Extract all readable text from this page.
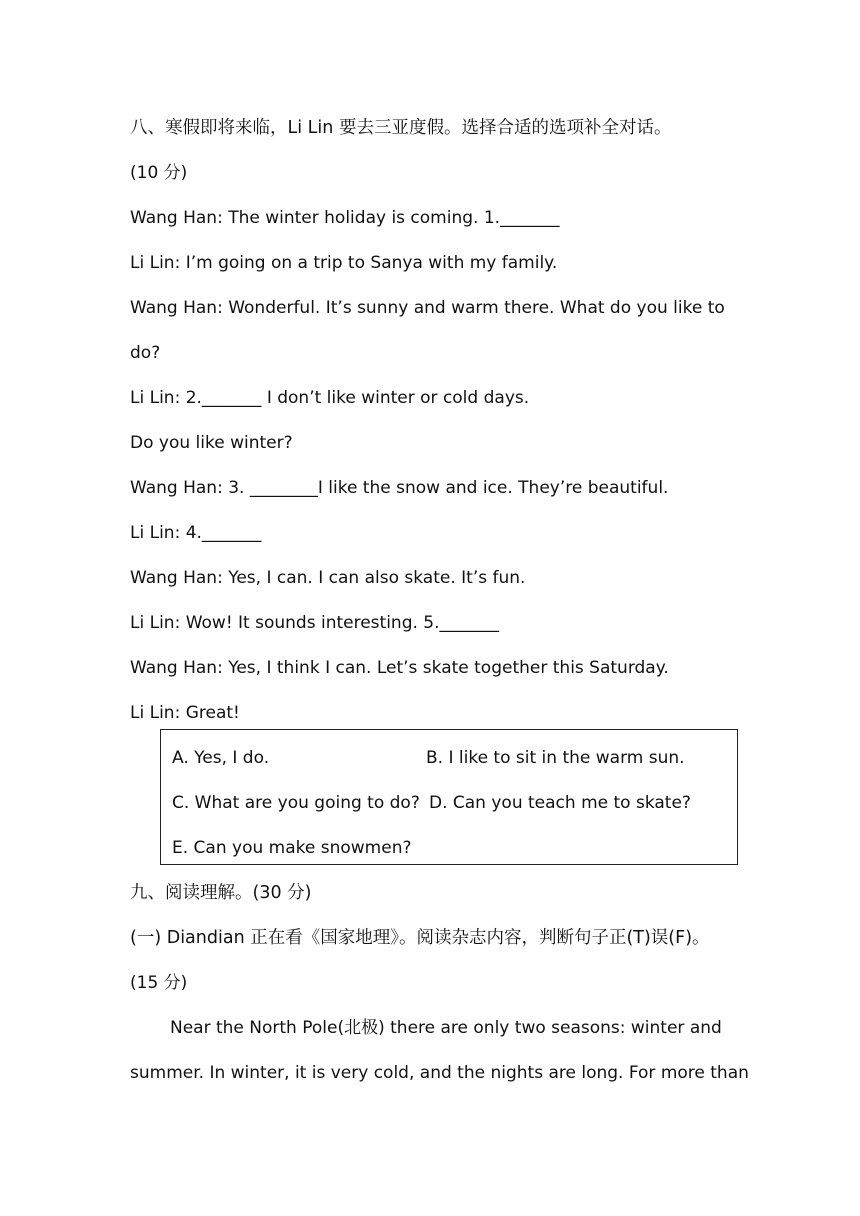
八、寒假即将来临，Li Lin 要去三亚度假。选择合适的选项补全对话。
(10 分)
Wang Han: The winter holiday is coming. 1._______
Li Lin: I’m going on a trip to Sanya with my family.
Wang Han: Wonderful. It’s sunny and warm there. What do you like to
do?
Li Lin: 2._______ I don’t like winter or cold days.
Do you like winter?
Wang Han: 3. ________I like the snow and ice. They’re beautiful.
Li Lin: 4._______
Wang Han: Yes, I can. I can also skate. It’s fun.
Li Lin: Wow! It sounds interesting. 5._______
Wang Han: Yes, I think I can. Let’s skate together this Saturday.
Li Lin: Great!
A. Yes, I do.	B. I like to sit in the warm sun.
C. What are you going to do? D. Can you teach me to skate?
E. Can you make snowmen?
九、阅读理解。(30 分)
(一) Diandian 正在看《国家地理》。阅读杂志内容，判断句子正(T)误(F)。
(15 分)
Near the North Pole(北极) there are only two seasons: winter and
summer. In winter, it is very cold, and the nights are long. For more than
